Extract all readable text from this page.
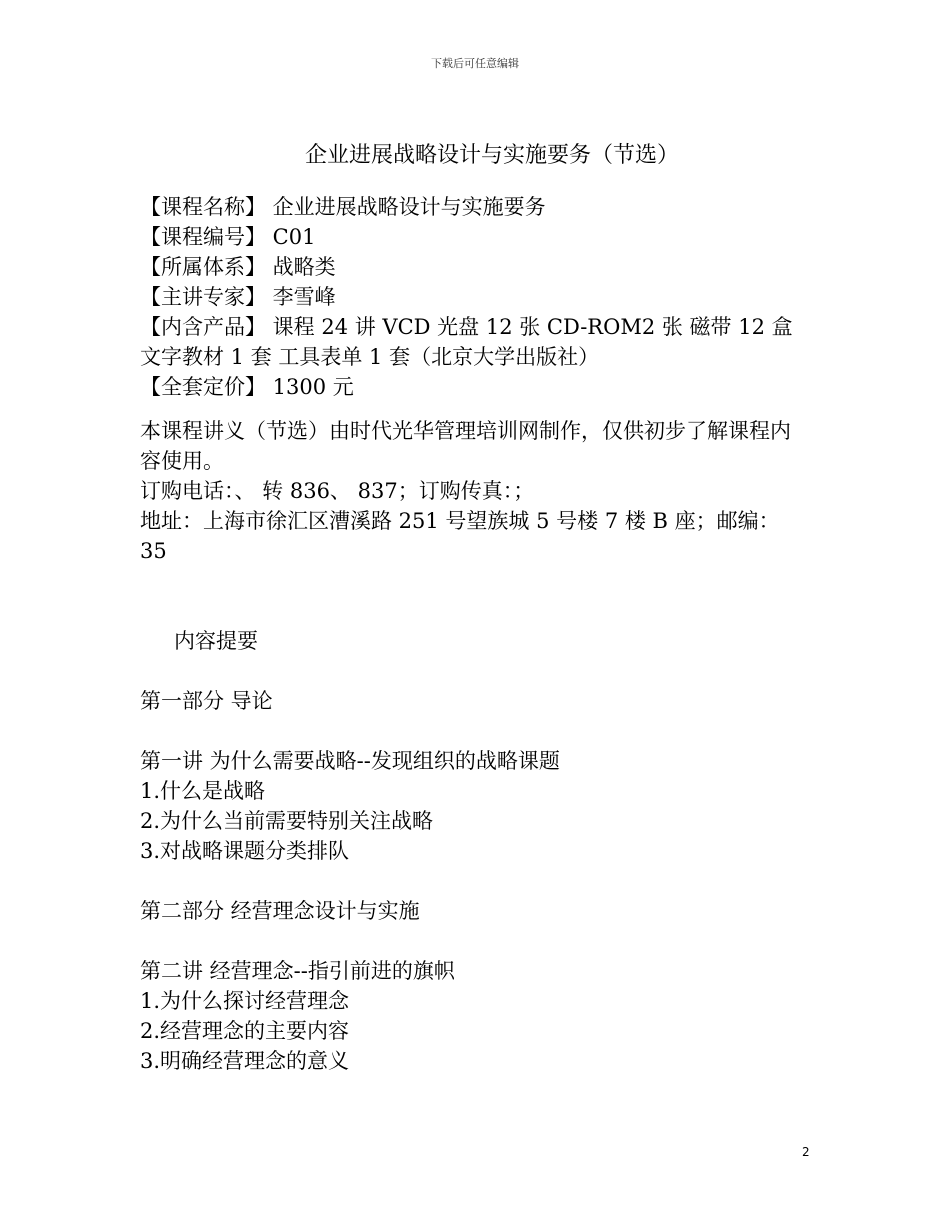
下载后可任意编辑
企业进展战略设计与实施要务（节选）
【课程名称】 企业进展战略设计与实施要务
【课程编号】 C01
【所属体系】 战略类
【主讲专家】 李雪峰
【内含产品】 课程 24 讲 VCD 光盘 12 张 CD-ROM2 张 磁带 12 盒 文字教材 1 套 工具表单 1 套（北京大学出版社）
【全套定价】 1300 元
本课程讲义（节选）由时代光华管理培训网制作，仅供初步了解课程内容使用。
订购电话：、 转 836、 837；订购传真：；
地址：上海市徐汇区漕溪路 251 号望族城 5 号楼 7 楼 B 座；邮编：35
内容提要
第一部分 导论
第一讲 为什么需要战略--发现组织的战略课题
1.什么是战略
2.为什么当前需要特别关注战略
3.对战略课题分类排队
第二部分 经营理念设计与实施
第二讲 经营理念--指引前进的旗帜
1.为什么探讨经营理念
2.经营理念的主要内容
3.明确经营理念的意义
2
